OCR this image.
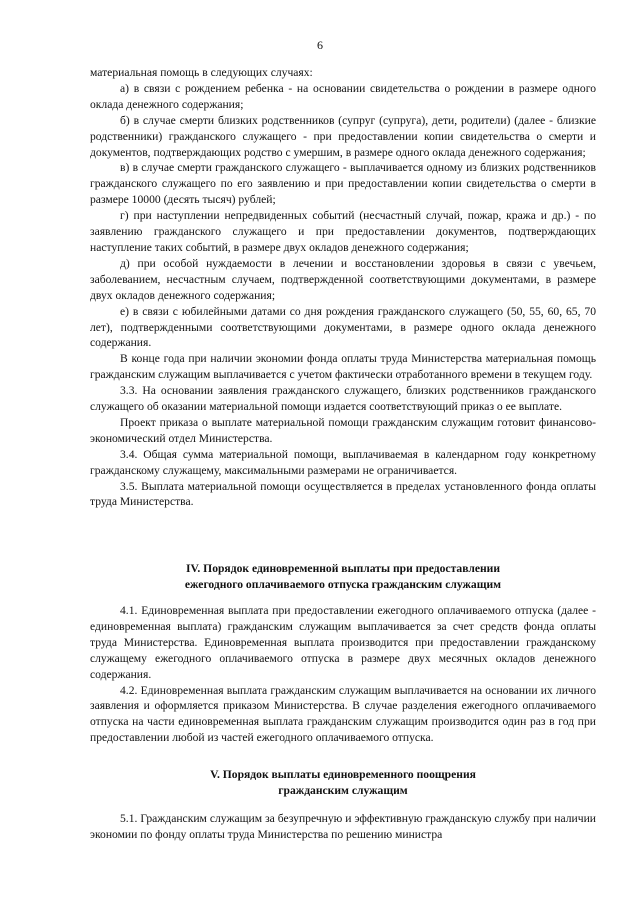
6

материальная помощь в следующих случаях:

а) в связи с рождением ребенка - на основании свидетельства о рождении в размере одного оклада денежного содержания;

б) в случае смерти близких родственников (супруг (супруга), дети, родители) (далее - близкие родственники) гражданского служащего - при предоставлении копии свидетельства о смерти и документов, подтверждающих родство с умершим, в размере одного оклада денежного содержания;

в) в случае смерти гражданского служащего - выплачивается одному из близких родственников гражданского служащего по его заявлению и при предоставлении копии свидетельства о смерти в размере 10000 (десять тысяч) рублей;

г) при наступлении непредвиденных событий (несчастный случай, пожар, кража и др.) - по заявлению гражданского служащего и при предоставлении документов, подтверждающих наступление таких событий, в размере двух окладов денежного содержания;

д) при особой нуждаемости в лечении и восстановлении здоровья в связи с увечьем, заболеванием, несчастным случаем, подтвержденной соответствующими документами, в размере двух окладов денежного содержания;

е) в связи с юбилейными датами со дня рождения гражданского служащего (50, 55, 60, 65, 70 лет), подтвержденными соответствующими документами, в размере одного оклада денежного содержания.

В конце года при наличии экономии фонда оплаты труда Министерства материальная помощь гражданским служащим выплачивается с учетом фактически отработанного времени в текущем году.

3.3. На основании заявления гражданского служащего, близких родственников гражданского служащего об оказании материальной помощи издается соответствующий приказ о ее выплате.

Проект приказа о выплате материальной помощи гражданским служащим готовит финансово-экономический отдел Министерства.

3.4. Общая сумма материальной помощи, выплачиваемая в календарном году конкретному гражданскому служащему, максимальными размерами не ограничивается.

3.5. Выплата материальной помощи осуществляется в пределах установленного фонда оплаты труда Министерства.

IV. Порядок единовременной выплаты при предоставлении
ежегодного оплачиваемого отпуска гражданским служащим

4.1. Единовременная выплата при предоставлении ежегодного оплачиваемого отпуска (далее - единовременная выплата) гражданским служащим выплачивается за счет средств фонда оплаты труда Министерства. Единовременная выплата производится при предоставлении гражданскому служащему ежегодного оплачиваемого отпуска в размере двух месячных окладов денежного содержания.

4.2. Единовременная выплата гражданским служащим выплачивается на основании их личного заявления и оформляется приказом Министерства. В случае разделения ежегодного оплачиваемого отпуска на части единовременная выплата гражданским служащим производится один раз в год при предоставлении любой из частей ежегодного оплачиваемого отпуска.

V. Порядок выплаты единовременного поощрения
гражданским служащим

5.1. Гражданским служащим за безупречную и эффективную гражданскую службу при наличии экономии по фонду оплаты труда Министерства по решению министра
